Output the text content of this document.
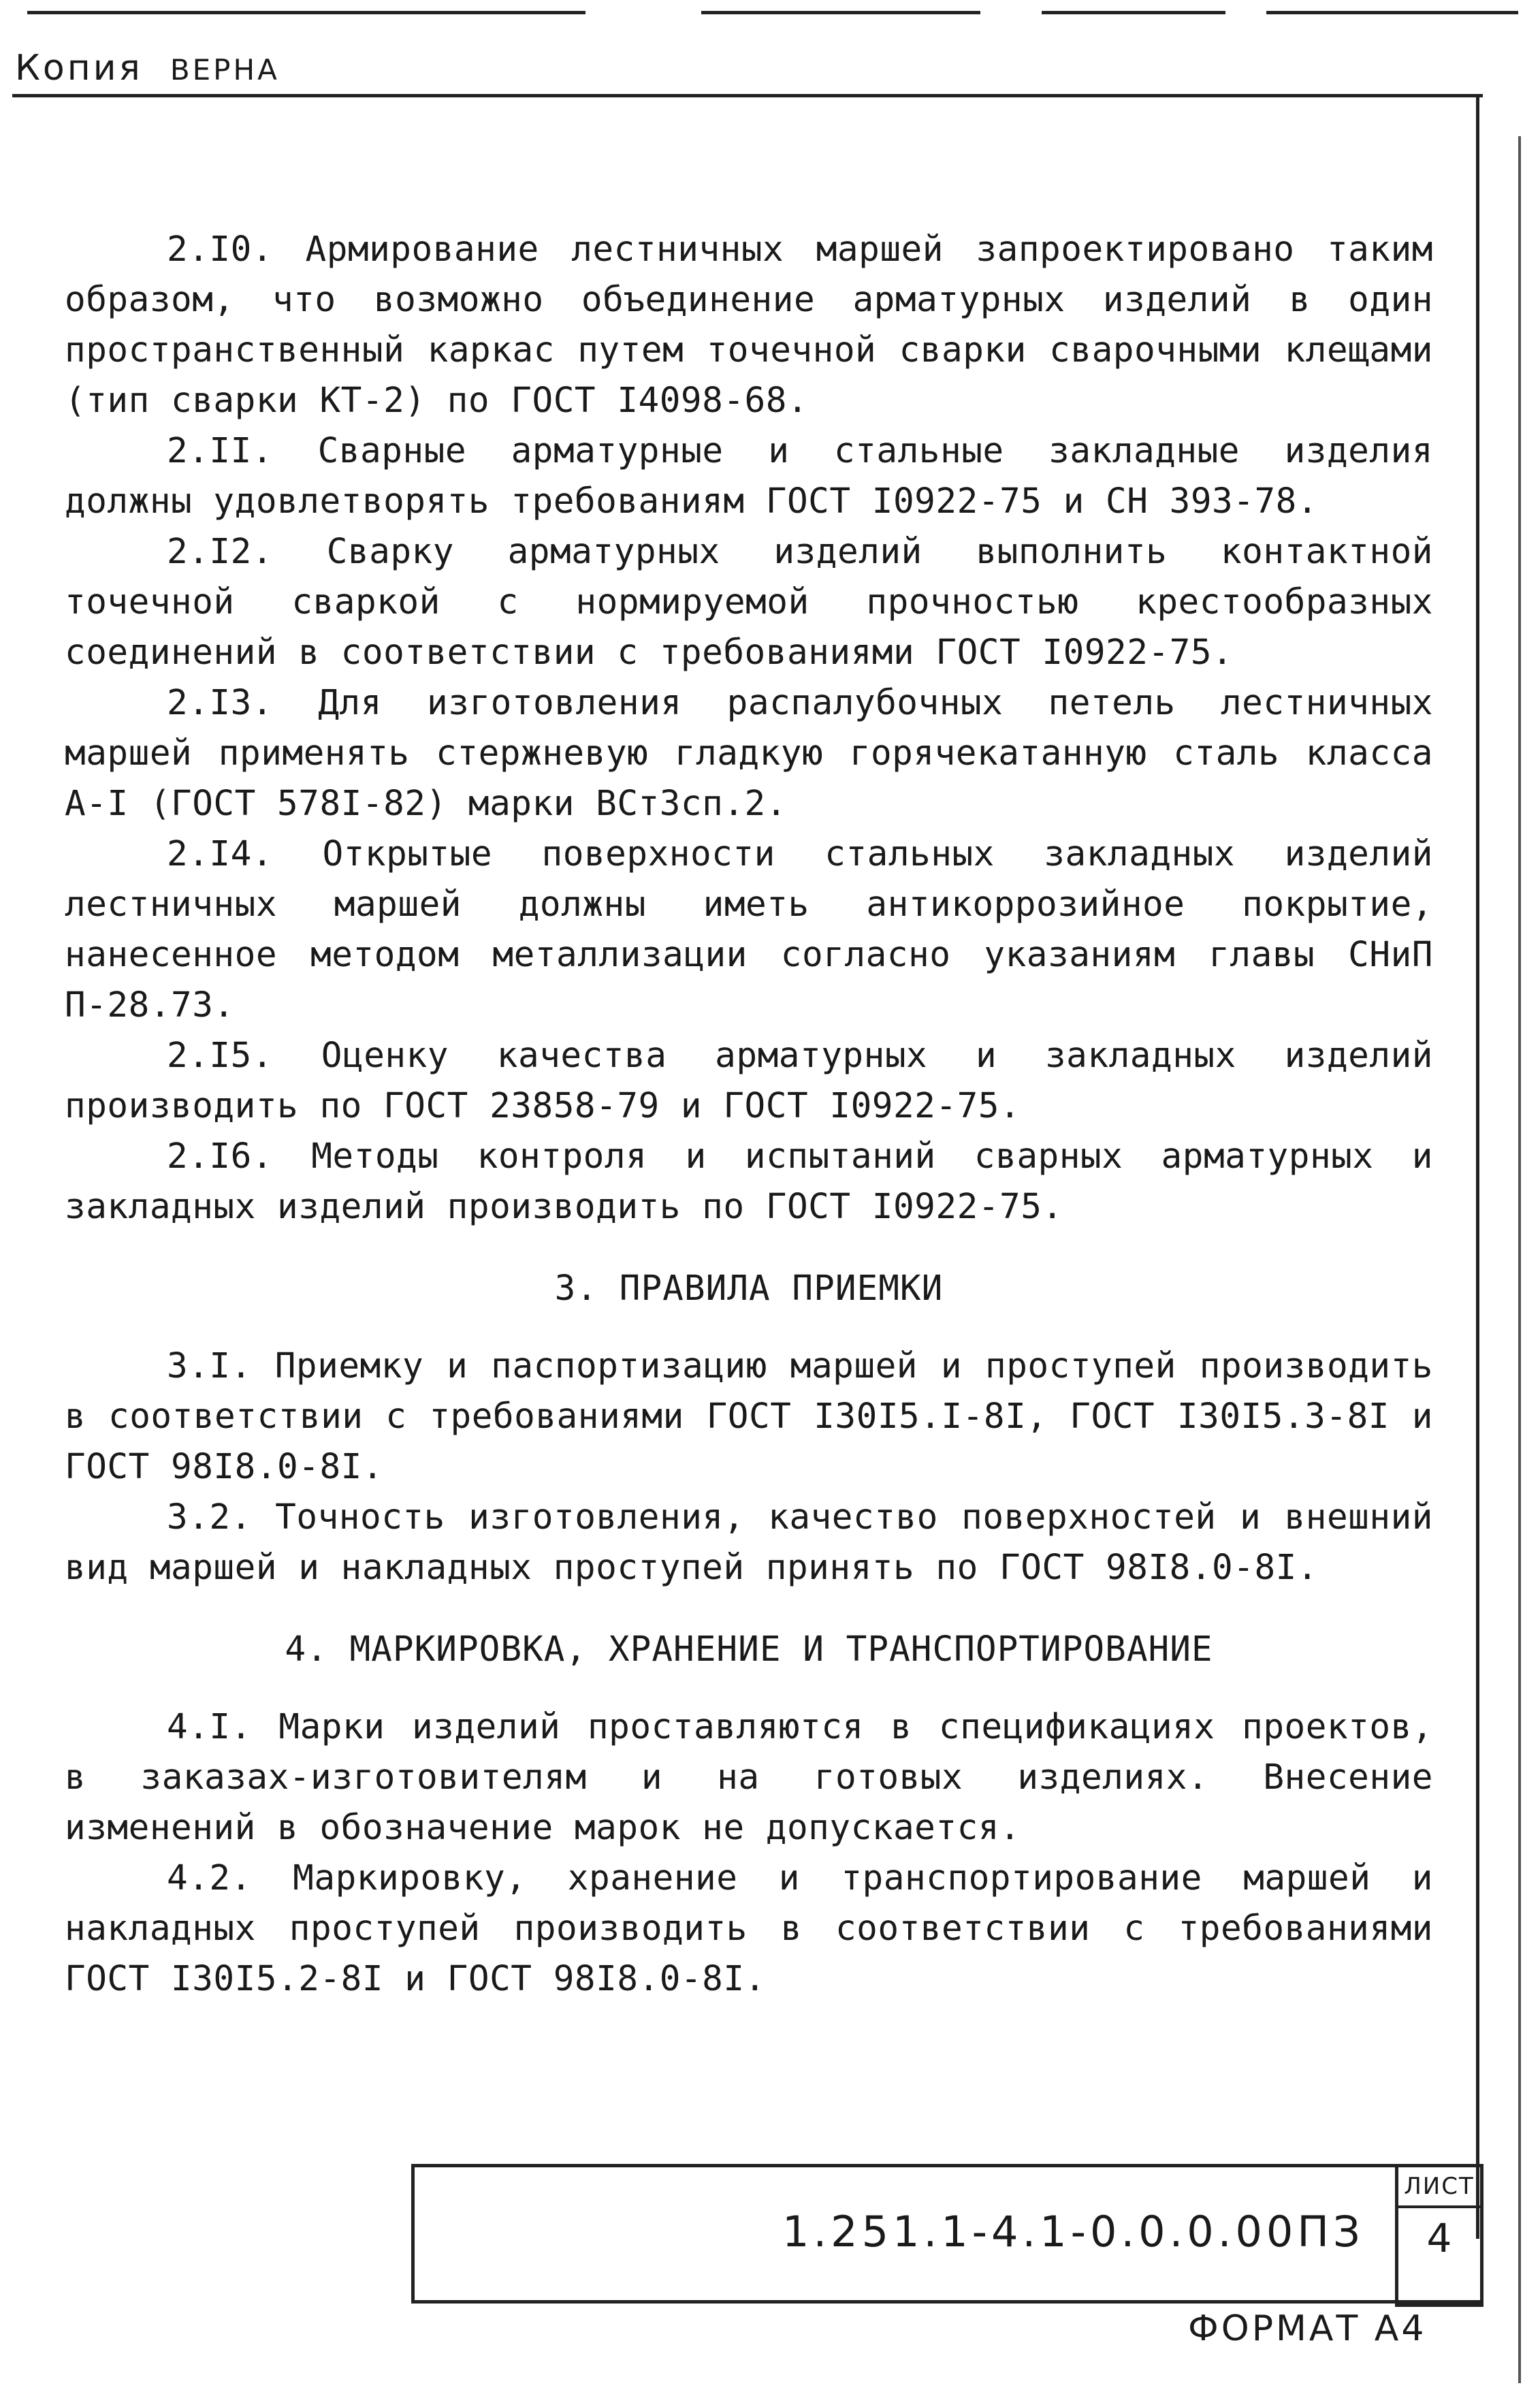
Копия ВЕРНА

2.I0. Армирование лестничных маршей запроектировано таким образом, что возможно объединение арматурных изделий в один пространственный каркас путем точечной сварки сварочными клещами (тип сварки КТ-2) по ГОСТ I4098-68.

2.II. Сварные арматурные и стальные закладные изделия должны удовлетворять требованиям ГОСТ I0922-75 и СН 393-78.

2.I2. Сварку арматурных изделий выполнить контактной точечной сваркой с нормируемой прочностью крестообразных соединений в соответствии с требованиями ГОСТ I0922-75.

2.I3. Для изготовления распалубочных петель лестничных маршей применять стержневую гладкую горячекатанную сталь класса А-I (ГОСТ 578I-82) марки ВСт3сп.2.

2.I4. Открытые поверхности стальных закладных изделий лестничных маршей должны иметь антикоррозийное покрытие, нанесенное методом металлизации согласно указаниям главы СНиП П-28.73.

2.I5. Оценку качества арматурных и закладных изделий производить по ГОСТ 23858-79 и ГОСТ I0922-75.

2.I6. Методы контроля и испытаний сварных арматурных и закладных изделий производить по ГОСТ I0922-75.

3. ПРАВИЛА ПРИЕМКИ

3.I. Приемку и паспортизацию маршей и проступей производить в соответствии с требованиями ГОСТ I30I5.I-8I, ГОСТ I30I5.3-8I и ГОСТ 98I8.0-8I.

3.2. Точность изготовления, качество поверхностей и внешний вид маршей и накладных проступей принять по ГОСТ 98I8.0-8I.

4. МАРКИРОВКА, ХРАНЕНИЕ И ТРАНСПОРТИРОВАНИЕ

4.I. Марки изделий проставляются в спецификациях проектов, в заказах-изготовителям и на готовых изделиях. Внесение изменений в обозначение марок не допускается.

4.2. Маркировку, хранение и транспортирование маршей и накладных проступей производить в соответствии с требованиями ГОСТ I30I5.2-8I и ГОСТ 98I8.0-8I.

1.251.1-4.1-0.0.0.00ПЗ
ЛИСТ
4
ФОРМАТ А4
